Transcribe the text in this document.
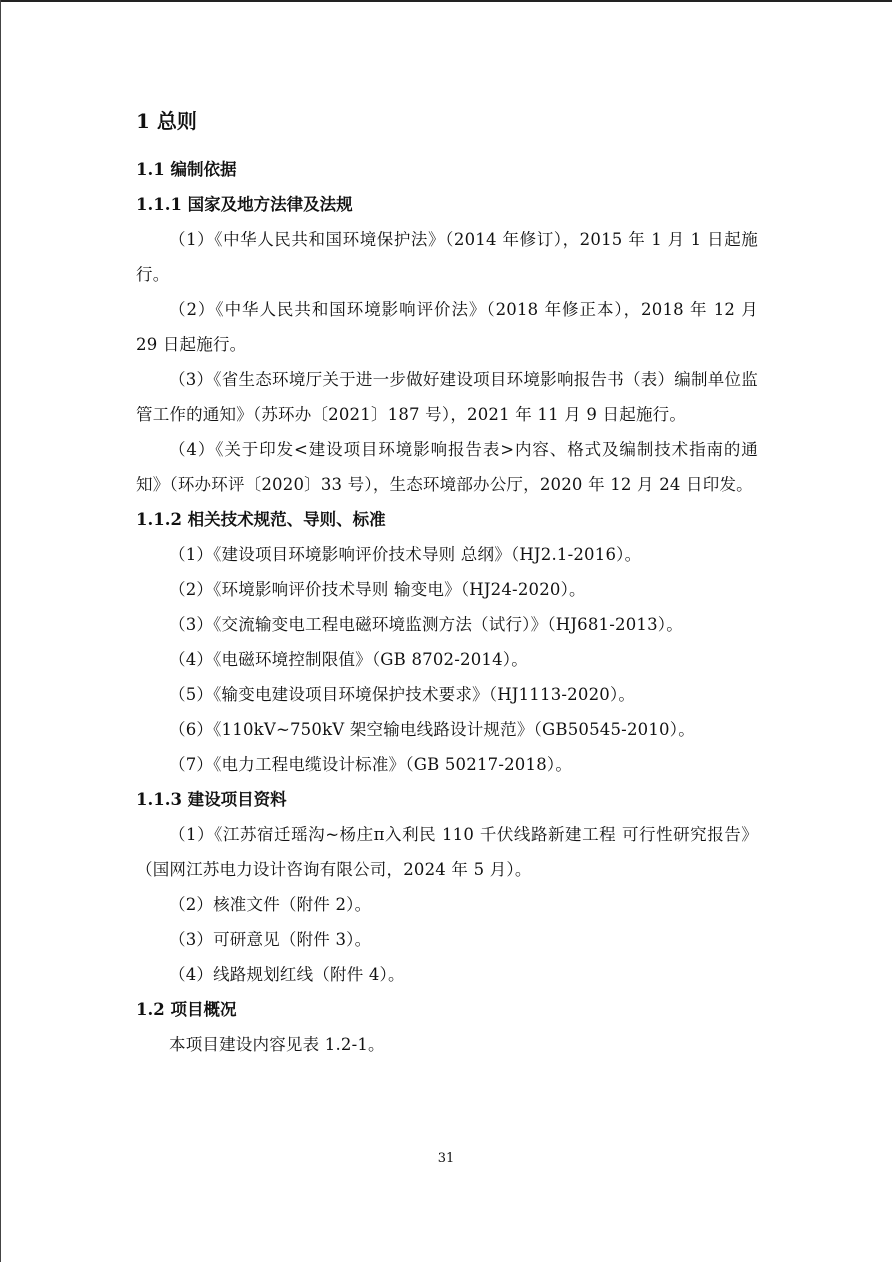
1 总则
1.1 编制依据
1.1.1 国家及地方法律及法规

（1）《中华人民共和国环境保护法》（2014 年修订），2015 年 1 月 1 日起施行。

（2）《中华人民共和国环境影响评价法》（2018 年修正本），2018 年 12 月 29 日起施行。

（3）《省生态环境厅关于进一步做好建设项目环境影响报告书（表）编制单位监管工作的通知》（苏环办〔2021〕187 号），2021 年 11 月 9 日起施行。

（4）《关于印发<建设项目环境影响报告表>内容、格式及编制技术指南的通知》（环办环评〔2020〕33 号），生态环境部办公厅，2020 年 12 月 24 日印发。

1.1.2 相关技术规范、导则、标准

（1）《建设项目环境影响评价技术导则 总纲》（HJ2.1-2016）。

（2）《环境影响评价技术导则 输变电》（HJ24-2020）。

（3）《交流输变电工程电磁环境监测方法（试行）》（HJ681-2013）。

（4）《电磁环境控制限值》（GB 8702-2014）。

（5）《输变电建设项目环境保护技术要求》（HJ1113-2020）。

（6）《110kV~750kV 架空输电线路设计规范》（GB50545-2010）。

（7）《电力工程电缆设计标准》（GB 50217-2018）。

1.1.3 建设项目资料

（1）《江苏宿迁瑶沟~杨庄π入利民 110 千伏线路新建工程 可行性研究报告》（国网江苏电力设计咨询有限公司，2024 年 5 月）。

（2）核准文件（附件 2）。

（3）可研意见（附件 3）。

（4）线路规划红线（附件 4）。

1.2 项目概况

本项目建设内容见表 1.2-1。

31
